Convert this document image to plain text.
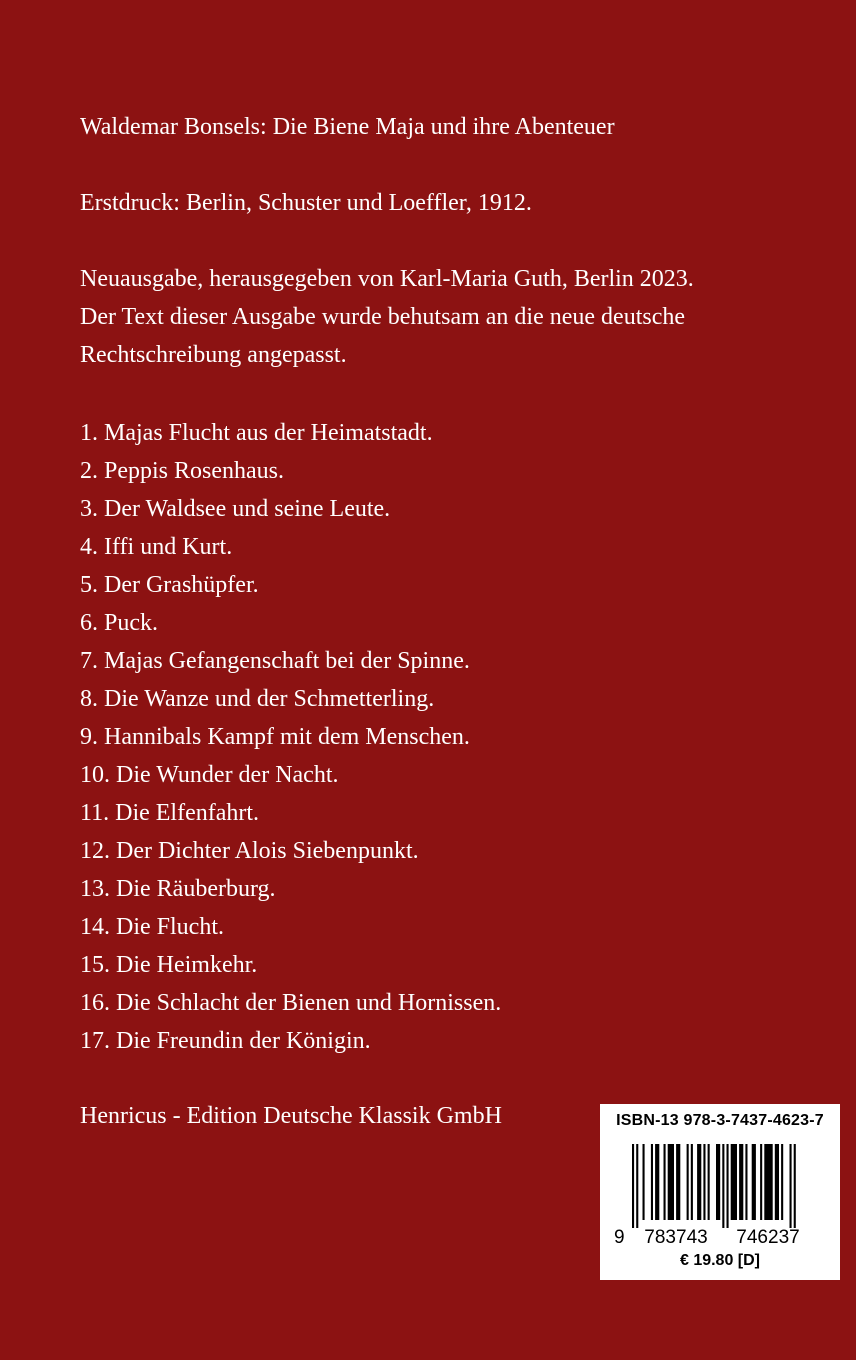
Waldemar Bonsels: Die Biene Maja und ihre Abenteuer
Erstdruck: Berlin, Schuster und Loeffler, 1912.
Neuausgabe, herausgegeben von Karl-Maria Guth, Berlin 2023.
Der Text dieser Ausgabe wurde behutsam an die neue deutsche
Rechtschreibung angepasst.
1. Majas Flucht aus der Heimatstadt.
2. Peppis Rosenhaus.
3. Der Waldsee und seine Leute.
4. Iffi und Kurt.
5. Der Grashüpfer.
6. Puck.
7. Majas Gefangenschaft bei der Spinne.
8. Die Wanze und der Schmetterling.
9. Hannibals Kampf mit dem Menschen.
10. Die Wunder der Nacht.
11. Die Elfenfahrt.
12. Der Dichter Alois Siebenpunkt.
13. Die Räuberburg.
14. Die Flucht.
15. Die Heimkehr.
16. Die Schlacht der Bienen und Hornissen.
17. Die Freundin der Königin.
Henricus - Edition Deutsche Klassik GmbH	ISBN-13 978-3-7437-4623-7
9 783743 746237
€ 19.80 [D]
